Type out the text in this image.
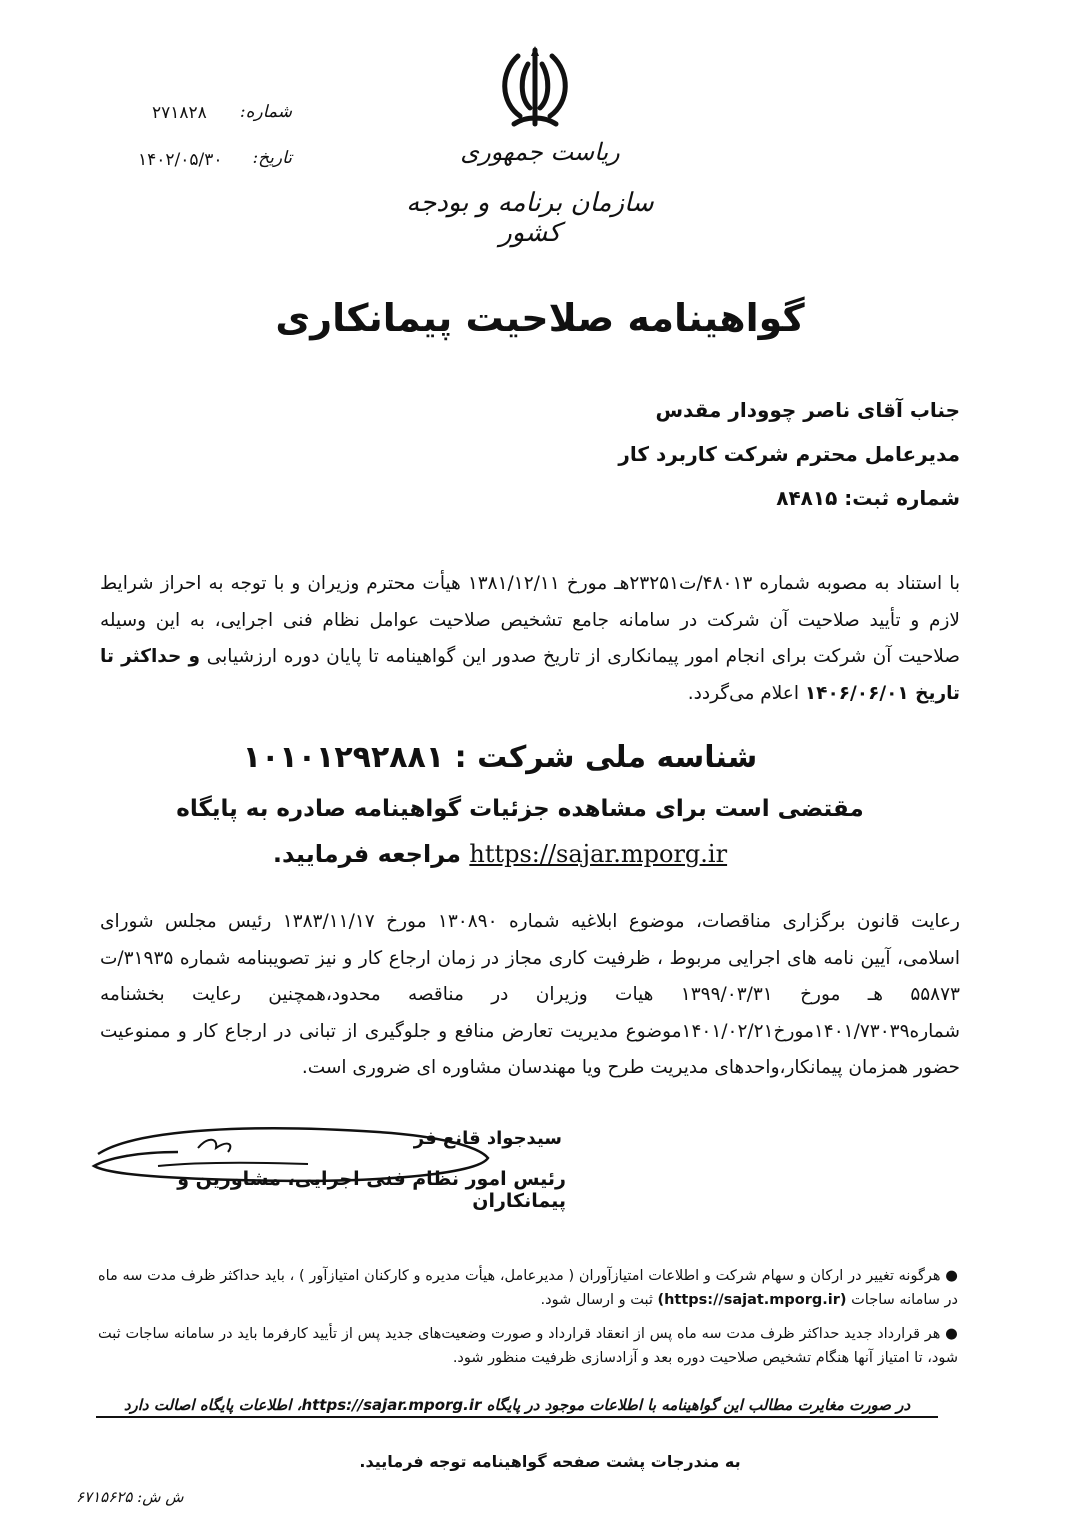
ریاست جمهوری
سازمان برنامه و بودجه کشور
شماره:
۲۷۱۸۲۸
تاریخ:
۱۴۰۲/۰۵/۳۰
گواهینامه صلاحیت پیمانکاری
جناب آقای ناصر چوودار مقدس
مدیرعامل محترم شرکت کاربرد کار
شماره ثبت: ۸۴۸۱۵
با استناد به مصوبه شماره ۴۸۰۱۳/ت۲۳۲۵۱هـ مورخ ۱۳۸۱/۱۲/۱۱ هیأت محترم وزیران و با توجه به احراز شرایط لازم و تأیید صلاحیت آن شرکت در سامانه جامع تشخیص صلاحیت عوامل نظام فنی اجرایی، به این وسیله صلاحیت آن شرکت برای انجام امور پیمانکاری از تاریخ صدور این گواهینامه تا پایان دوره ارزشیابی و حداکثر تا تاریخ ۱۴۰۶/۰۶/۰۱ اعلام می‌گردد.
شناسه ملی شرکت : ۱۰۱۰۱۲۹۲۸۸۱
مقتضی است برای مشاهده جزئیات گواهینامه صادره به پایگاه
https://sajar.mporg.ir مراجعه فرمایید.
رعایت قانون برگزاری مناقصات، موضوع ابلاغیه شماره ۱۳۰۸۹۰ مورخ ۱۳۸۳/۱۱/۱۷ رئیس مجلس شورای اسلامی، آیین نامه های اجرایی مربوط ، ظرفیت کاری مجاز در زمان ارجاع کار و نیز تصویبنامه شماره ۳۱۹۳۵/ت ۵۵۸۷۳ هـ مورخ ۱۳۹۹/۰۳/۳۱ هیات وزیران در مناقصه محدود،همچنین رعایت بخشنامه شماره۱۴۰۱/۷۳۰۳۹مورخ۱۴۰۱/۰۲/۲۱موضوع مدیریت تعارض منافع و جلوگیری از تبانی در ارجاع کار و ممنوعیت حضور همزمان پیمانکار،واحدهای مدیریت طرح ویا مهندسان مشاوره ای ضروری است.
سیدجواد قانع فر
رئیس امور نظام فنی اجرایی، مشاورین و پیمانکاران
● هرگونه تغییر در ارکان و سهام شرکت و اطلاعات امتیازآوران ( مدیرعامل، هیأت مدیره و کارکنان امتیازآور ) ، باید حداکثر ظرف مدت سه ماه در سامانه ساجات (https://sajat.mporg.ir) ثبت و ارسال شود.
● هر قرارداد جدید حداکثر ظرف مدت سه ماه پس از انعقاد قرارداد و صورت وضعیت‌های جدید پس از تأیید کارفرما باید در سامانه ساجات ثبت شود، تا امتیاز آنها هنگام تشخیص صلاحیت دوره بعد و آزادسازی ظرفیت منظور شود.
در صورت مغایرت مطالب این گواهینامه با اطلاعات موجود در پایگاه https://sajar.mporg.ir، اطلاعات پایگاه اصالت دارد
به مندرجات پشت صفحه گواهینامه توجه فرمایید.
ش ش: ۶۷۱۵۶۲۵
